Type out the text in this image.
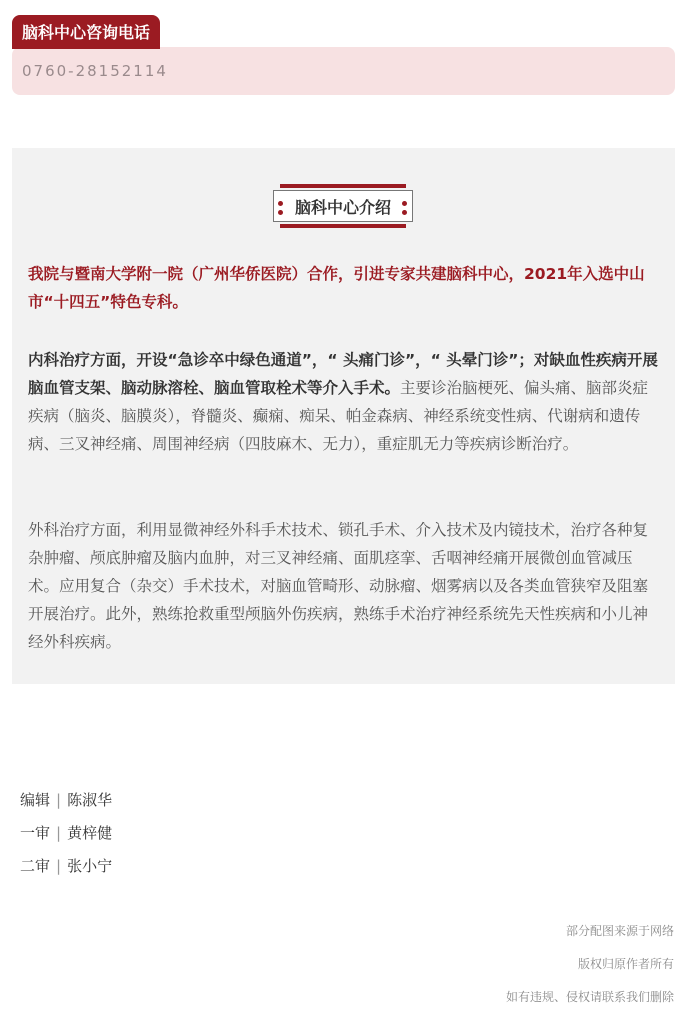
脑科中心咨询电话
0760-28152114
脑科中心介绍
我院与暨南大学附一院（广州华侨医院）合作，引进专家共建脑科中心，2021年入选中山市“十四五”特色专科。
内科治疗方面，开设“急诊卒中绿色通道”，“ 头痛门诊”，“ 头晕门诊”；对缺血性疾病开展脑血管支架、脑动脉溶栓、脑血管取栓术等介入手术。主要诊治脑梗死、偏头痛、脑部炎症疾病（脑炎、脑膜炎），脊髓炎、癫痫、痴呆、帕金森病、神经系统变性病、代谢病和遗传病、三叉神经痛、周围神经病（四肢麻木、无力），重症肌无力等疾病诊断治疗。
外科治疗方面，利用显微神经外科手术技术、锁孔手术、介入技术及内镜技术，治疗各种复杂肿瘤、颅底肿瘤及脑内血肿，对三叉神经痛、面肌痉挛、舌咽神经痛开展微创血管减压术。应用复合（杂交）手术技术，对脑血管畸形、动脉瘤、烟雾病以及各类血管狭窄及阻塞开展治疗。此外，熟练抢救重型颅脑外伤疾病，熟练手术治疗神经系统先天性疾病和小儿神经外科疾病。
编辑 | 陈淑华
一审 | 黄梓健
二审 | 张小宁
部分配图来源于网络
版权归原作者所有
如有违规、侵权请联系我们删除
